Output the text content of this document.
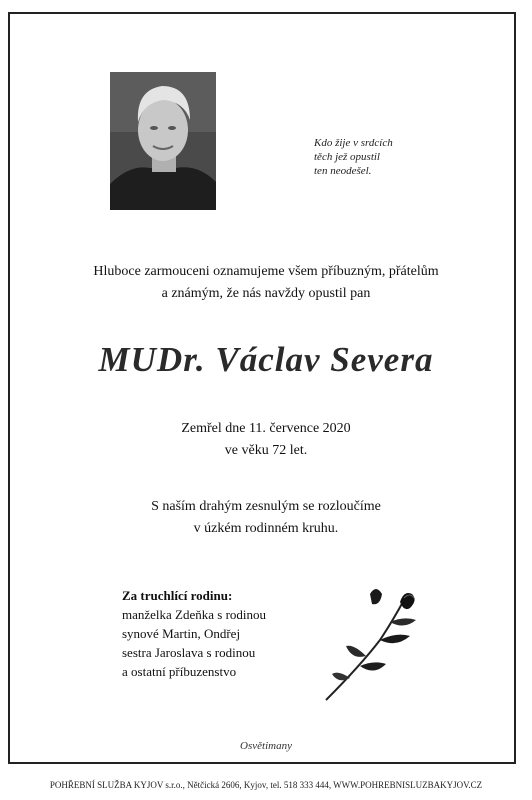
Kdo žije v srdcích
těch jež opustil
ten neodešel.
Hluboce zarmouceni oznamujeme všem příbuzným, přátelům
a známým, že nás navždy opustil pan
MUDr. Václav Severa
Zemřel dne 11. července 2020
ve věku 72 let.
S naším drahým zesnulým se rozloučíme
v úzkém rodinném kruhu.
Za truchlící rodinu:
manželka Zdeňka s rodinou
synové Martin, Ondřej
sestra Jaroslava s rodinou
a ostatní příbuzenstvo
Osvětimany
POHŘEBNÍ SLUŽBA KYJOV s.r.o., Nětčická 2606, Kyjov, tel. 518 333 444, WWW.POHREBNISLUZBAKYJOV.CZ
